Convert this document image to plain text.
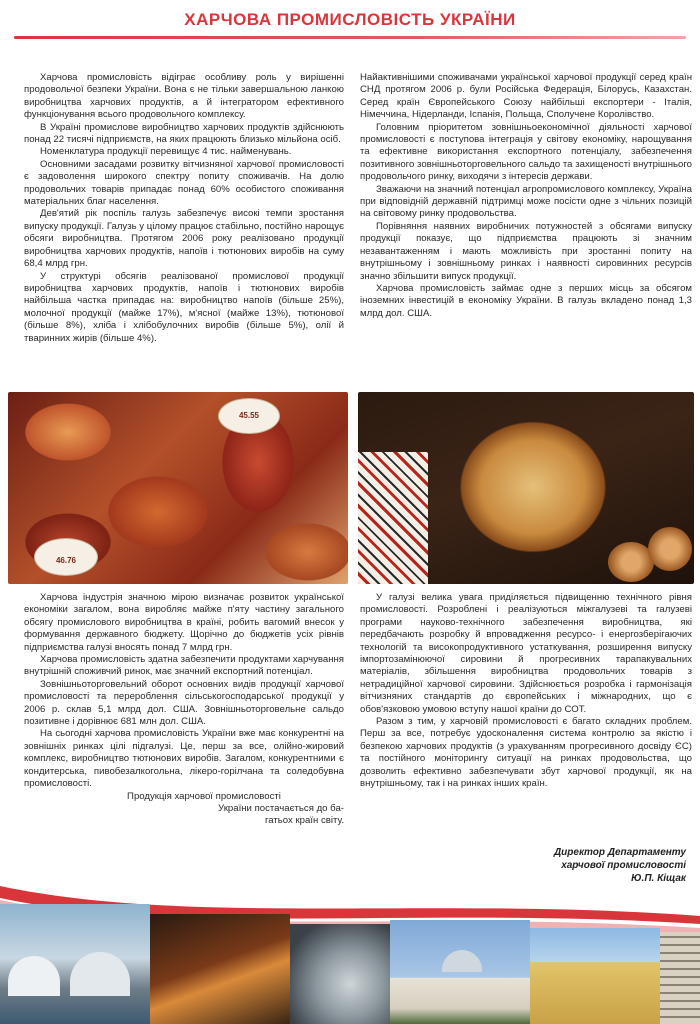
ХАРЧОВА ПРОМИСЛОВІСТЬ УКРАЇНИ

Харчова промисловість відіграє особливу роль у вирішенні продовольчої безпеки України. Вона є не тільки завершальною ланкою виробництва харчових продуктів, а й інтегратором ефективного функціонування всього продовольчого комплексу.

В Україні промислове виробництво харчових продуктів здійснюють понад 22 тисячі підприємств, на яких працюють близько мільйона осіб.

Номенклатура продукції перевищує 4 тис. найменувань.

Основними засадами розвитку вітчизняної харчової промисловості є задоволення широкого спектру попиту споживачів. На долю продовольчих товарів припадає понад 60% особистого споживання матеріальних благ населення.

Дев'ятий рік поспіль галузь забезпечує високі темпи зростання випуску продукції. Галузь у цілому працює стабільно, постійно нарощує обсяги виробництва. Протягом 2006 року реалізовано продукції виробництва харчових продуктів, напоїв і тютюнових виробів на суму 68,4 млрд грн.

У структурі обсягів реалізованої промислової продукції виробництва харчових продуктів, напоїв і тютюнових виробів найбільша частка припадає на: виробництво напоїв (більше 25%), молочної продукції (майже 17%), м'ясної (майже 13%), тютюнової (більше 8%), хліба і хлібобулочних виробів (більше 5%), олії й тваринних жирів (більше 4%).

Найактивнішими споживачами української харчової продукції серед країн СНД протягом 2006 р. були Російська Федерація, Білорусь, Казахстан. Серед країн Європейського Союзу найбільші експортери - Італія, Німеччина, Нідерланди, Іспанія, Польща, Сполучене Королівство.

Головним пріоритетом зовнішньоекономічної діяльності харчової промисловості є поступова інтеграція у світову економіку, нарощування та ефективне використання експортного потенціалу, забезпечення позитивного зовнішньоторговельного сальдо та захищеності внутрішнього продовольчого ринку, виходячи з інтересів держави.

Зважаючи на значний потенціал агропромислового комплексу, Україна при відповідній державній підтримці може посісти одне з чільних позицій на світовому ринку продовольства.

Порівняння наявних виробничих потужностей з обсягами випуску продукції показує, що підприємства працюють зі значним незавантаженням і мають можливість при зростанні попиту на внутрішньому і зовнішньому ринках і наявності сировинних ресурсів значно збільшити випуск продукції.

Харчова промисловість займає одне з перших місць за обсягом іноземних інвестицій в економіку України. В галузь вкладено понад 1,3 млрд дол. США.

45.55
46.76

Харчова індустрія значною мірою визначає розвиток української економіки загалом, вона виробляє майже п'яту частину загального обсягу промислового виробництва в країні, робить вагомий внесок у формування державного бюджету. Щорічно до бюджетів усіх рівнів підприємства галузі вносять понад 7 млрд грн.

Харчова промисловість здатна забезпечити продуктами харчування внутрішній споживчий ринок, має значний експортний потенціал.

Зовнішньоторговельний оборот основних видів продукції харчової промисловості та перероблення сільськогосподарської продукції у 2006 р. склав 5,1 млрд дол. США. Зовнішньоторговельне сальдо позитивне і дорівнює 681 млн дол. США.

На сьогодні харчова промисловість України вже має конкурентні на зовнішніх ринках цілі підгалузі. Це, перш за все, олійно-жировий комплекс, виробництво тютюнових виробів. Загалом, конкурентними є кондитерська, пивобезалкогольна, лікеро-горілчана та соледобувна промисловості.

Продукція харчової промисловості

України постачається до ба-

гатьох країн світу.

У галузі велика увага приділяється підвищенню технічного рівня промисловості. Розроблені і реалізуються міжгалузеві та галузеві програми науково-технічного забезпечення виробництва, які передбачають розробку й впровадження ресурсо- і енергозберігаючих технологій та високопродуктивного устаткування, розширення випуску імпортозамінюючої сировини й прогресивних тарапакувальних матеріалів, збільшення виробництва продовольчих товарів з нетрадиційної харчової сировини. Здійснюється розробка і гармонізація вітчизняних стандартів до європейських і міжнародних, що є обов'язковою умовою вступу нашої країни до СОТ.

Разом з тим, у харчовій промисловості є багато складних проблем. Перш за все, потребує удосконалення система контролю за якістю і безпекою харчових продуктів (з урахуванням прогресивного досвіду ЄС) та постійного моніторингу ситуації на ринках продовольства, що дозволить ефективно забезпечувати збут харчової продукції, як на внутрішньому, так і на ринках інших країн.

Директор Департаменту
харчової промисловості
Ю.П. Кіщак
